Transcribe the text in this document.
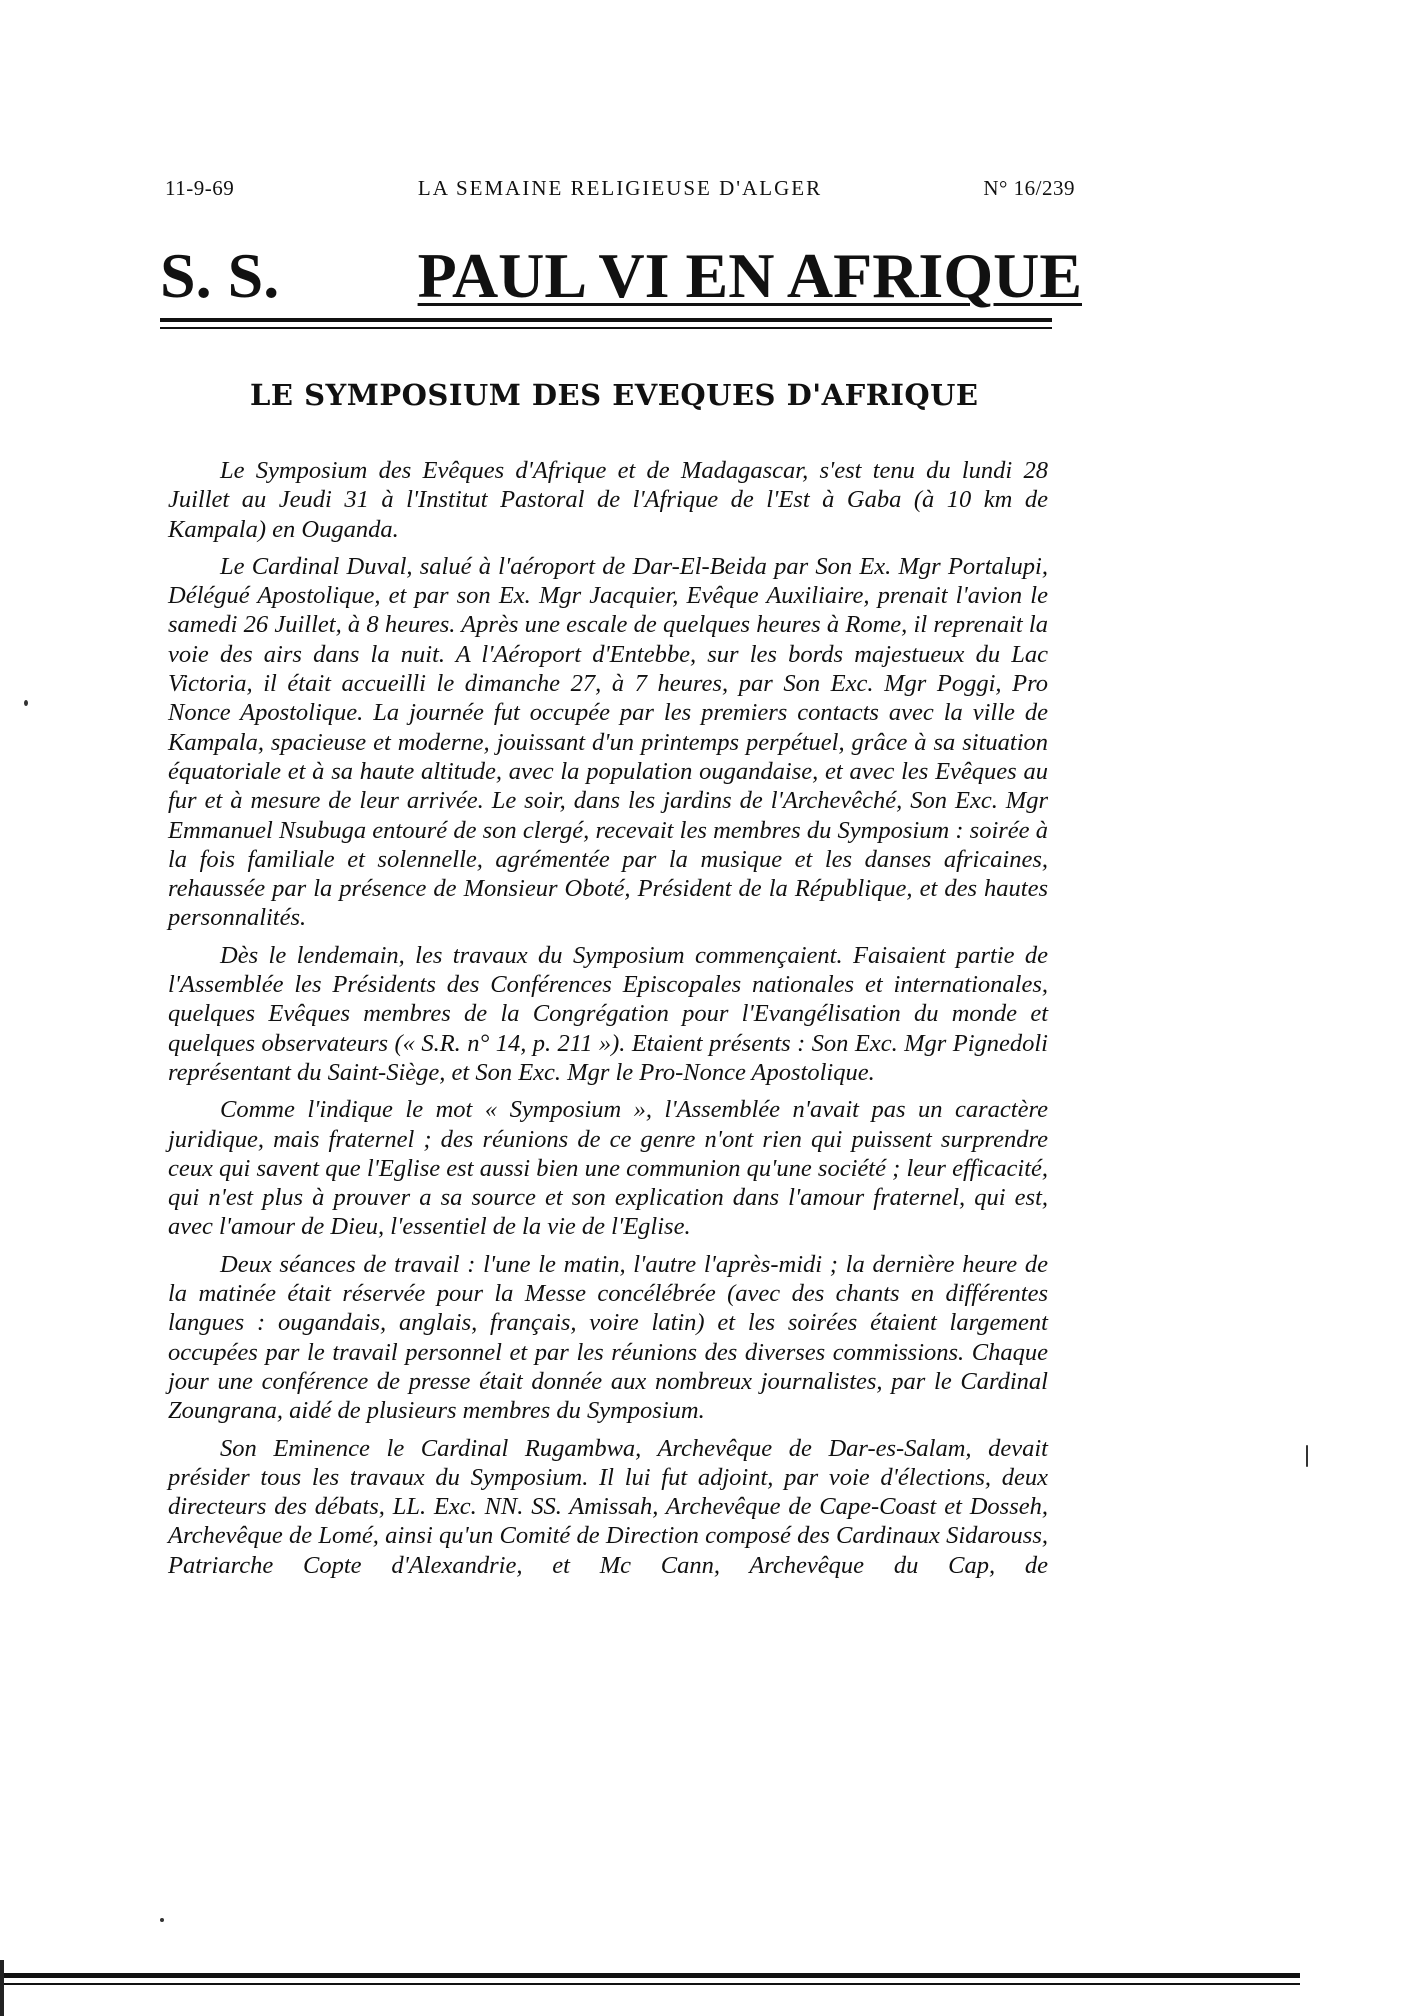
11-9-69	LA SEMAINE RELIGIEUSE D'ALGER	N° 16/239
S. S. PAUL VI EN AFRIQUE
LE SYMPOSIUM DES EVEQUES D'AFRIQUE

Le Symposium des Evêques d'Afrique et de Madagascar, s'est tenu du lundi 28 Juillet au Jeudi 31 à l'Institut Pastoral de l'Afrique de l'Est à Gaba (à 10 km de Kampala) en Ouganda.

Le Cardinal Duval, salué à l'aéroport de Dar-El-Beida par Son Ex. Mgr Portalupi, Délégué Apostolique, et par son Ex. Mgr Jacquier, Evêque Auxiliaire, prenait l'avion le samedi 26 Juillet, à 8 heures. Après une escale de quelques heures à Rome, il reprenait la voie des airs dans la nuit. A l'Aéroport d'Entebbe, sur les bords majestueux du Lac Victoria, il était accueilli le dimanche 27, à 7 heures, par Son Exc. Mgr Poggi, Pro Nonce Apostolique. La journée fut occupée par les premiers contacts avec la ville de Kampala, spacieuse et moderne, jouissant d'un printemps perpétuel, grâce à sa situation équatoriale et à sa haute altitude, avec la population ougandaise, et avec les Evêques au fur et à mesure de leur arrivée. Le soir, dans les jardins de l'Archevêché, Son Exc. Mgr Emmanuel Nsubuga entouré de son clergé, recevait les membres du Symposium : soirée à la fois familiale et solennelle, agrémentée par la musique et les danses africaines, rehaussée par la présence de Monsieur Oboté, Président de la République, et des hautes personnalités.

Dès le lendemain, les travaux du Symposium commençaient. Faisaient partie de l'Assemblée les Présidents des Conférences Episcopales nationales et internationales, quelques Evêques membres de la Congrégation pour l'Evangélisation du monde et quelques observateurs (« S.R. n° 14, p. 211 »). Etaient présents : Son Exc. Mgr Pignedoli représentant du Saint-Siège, et Son Exc. Mgr le Pro-Nonce Apostolique.

Comme l'indique le mot « Symposium », l'Assemblée n'avait pas un caractère juridique, mais fraternel ; des réunions de ce genre n'ont rien qui puissent surprendre ceux qui savent que l'Eglise est aussi bien une communion qu'une société ; leur efficacité, qui n'est plus à prouver a sa source et son explication dans l'amour fraternel, qui est, avec l'amour de Dieu, l'essentiel de la vie de l'Eglise.

Deux séances de travail : l'une le matin, l'autre l'après-midi ; la dernière heure de la matinée était réservée pour la Messe concélébrée (avec des chants en différentes langues : ougandais, anglais, français, voire latin) et les soirées étaient largement occupées par le travail personnel et par les réunions des diverses commissions. Chaque jour une conférence de presse était donnée aux nombreux journalistes, par le Cardinal Zoungrana, aidé de plusieurs membres du Symposium.

Son Eminence le Cardinal Rugambwa, Archevêque de Dar-es-Salam, devait présider tous les travaux du Symposium. Il lui fut adjoint, par voie d'élections, deux directeurs des débats, LL. Exc. NN. SS. Amissah, Archevêque de Cape-Coast et Dosseh, Archevêque de Lomé, ainsi qu'un Comité de Direction composé des Cardinaux Sidarouss, Patriarche Copte d'Alexandrie, et Mc Cann, Archevêque du Cap, de
